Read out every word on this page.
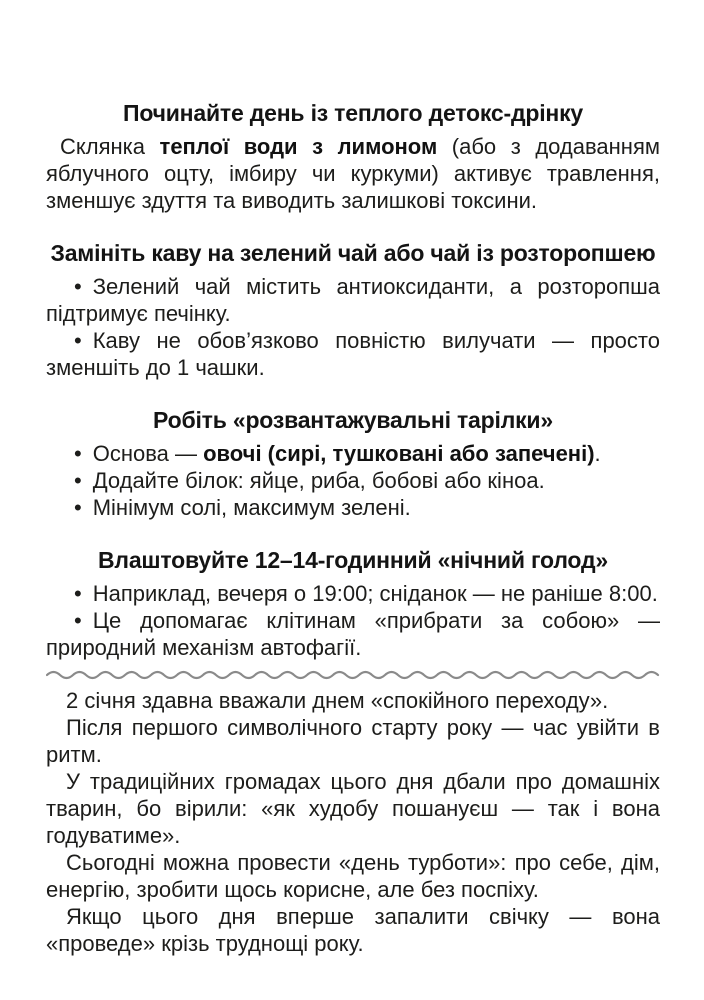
Починайте день із теплого детокс-дрінку

Склянка теплої води з лимоном (або з додаванням яблучного оцту, імбиру чи куркуми) активує травлення, зменшує здуття та виводить залишкові токсини.

Замініть каву на зелений чай або чай із розторопшею

• Зелений чай містить антиоксиданти, а розторопша підтримує печінку.

• Каву не обов’язково повністю вилучати — просто зменшіть до 1 чашки.

Робіть «розвантажувальні тарілки»

• Основа — овочі (сирі, тушковані або запечені).

• Додайте білок: яйце, риба, бобові або кіноа.

• Мінімум солі, максимум зелені.

Влаштовуйте 12–14-годинний «нічний голод»

• Наприклад, вечеря о 19:00; сніданок — не раніше 8:00.

• Це допомагає клітинам «прибрати за собою» — природний механізм автофагії.

2 січня здавна вважали днем «спокійного переходу».

Після першого символічного старту року — час увійти в ритм.

У традиційних громадах цього дня дбали про домашніх тварин, бо вірили: «як худобу пошануєш — так і вона годуватиме».

Сьогодні можна провести «день турботи»: про себе, дім, енергію, зробити щось корисне, але без поспіху.

Якщо цього дня вперше запалити свічку — вона «проведе» крізь труднощі року.
